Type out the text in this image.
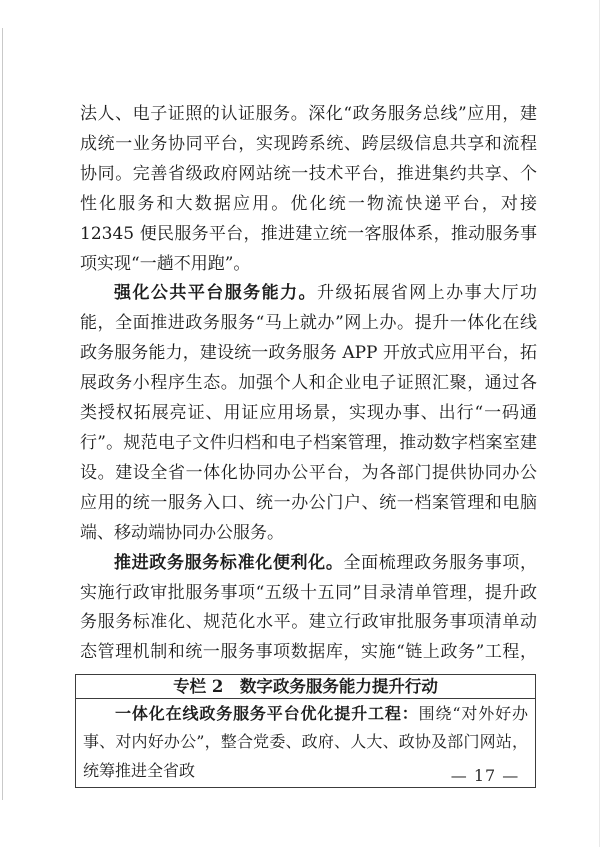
法人、电子证照的认证服务。深化“政务服务总线”应用，建成统一业务协同平台，实现跨系统、跨层级信息共享和流程协同。完善省级政府网站统一技术平台，推进集约共享、个性化服务和大数据应用。优化统一物流快递平台，对接 12345 便民服务平台，推进建立统一客服体系，推动服务事项实现“一趟不用跑”。

强化公共平台服务能力。升级拓展省网上办事大厅功能，全面推进政务服务“马上就办”网上办。提升一体化在线政务服务能力，建设统一政务服务 APP 开放式应用平台，拓展政务小程序生态。加强个人和企业电子证照汇聚，通过各类授权拓展亮证、用证应用场景，实现办事、出行“一码通行”。规范电子文件归档和电子档案管理，推动数字档案室建设。建设全省一体化协同办公平台，为各部门提供协同办公应用的统一服务入口、统一办公门户、统一档案管理和电脑端、移动端协同办公服务。

推进政务服务标准化便利化。全面梳理政务服务事项，实施行政审批服务事项“五级十五同”目录清单管理，提升政务服务标准化、规范化水平。建立行政审批服务事项清单动态管理机制和统一服务事项数据库，实施“链上政务”工程，

专栏 2　数字政务服务能力提升行动

一体化在线政务服务平台优化提升工程：围绕“对外好办事、对内好办公”，整合党委、政府、人大、政协及部门网站，统筹推进全省政	— 17 —
